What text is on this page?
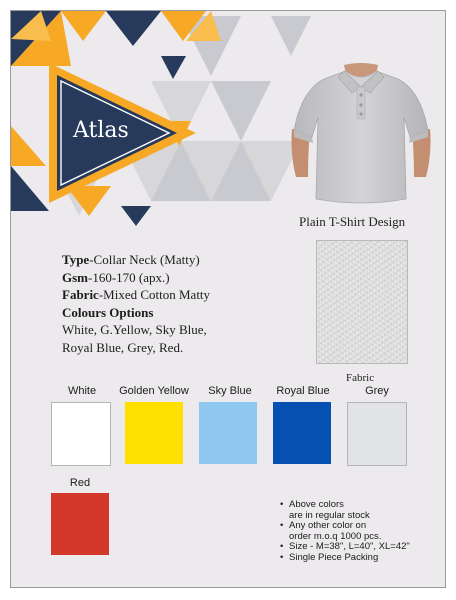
Atlas
Plain T-Shirt Design
Fabric
Type-Collar Neck (Matty)
Gsm-160-170 (apx.)
Fabric-Mixed Cotton Matty
Colours Options
White, G.Yellow, Sky Blue,
Royal Blue, Grey, Red.
White	Golden Yellow	Sky Blue	Royal Blue	Grey
Red
• Above colors
are in regular stock
• Any other color on
order m.o.q 1000 pcs.
• Size - M=38", L=40", XL=42"
• Single Piece Packing
